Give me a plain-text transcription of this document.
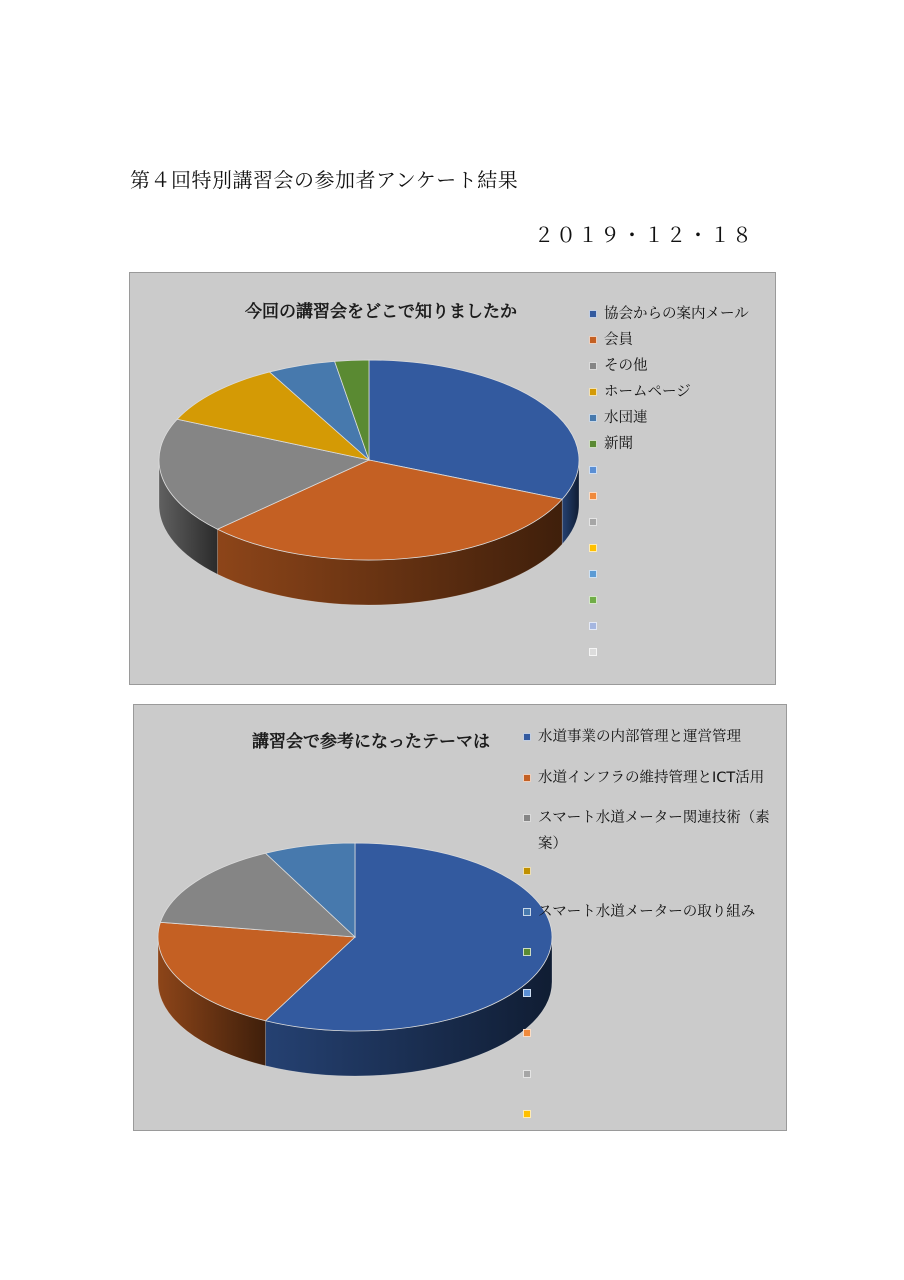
第４回特別講習会の参加者アンケート結果
２０１９・１２・１８
今回の講習会をどこで知りましたか	協会からの案内メール
会員
その他
ホームページ
水団連
新聞
講習会で参考になったテーマは	水道事業の内部管理と運営管理
水道インフラの維持管理とICT活用
スマート水道メーター関連技術（素案）
スマート水道メーターの取り組み
